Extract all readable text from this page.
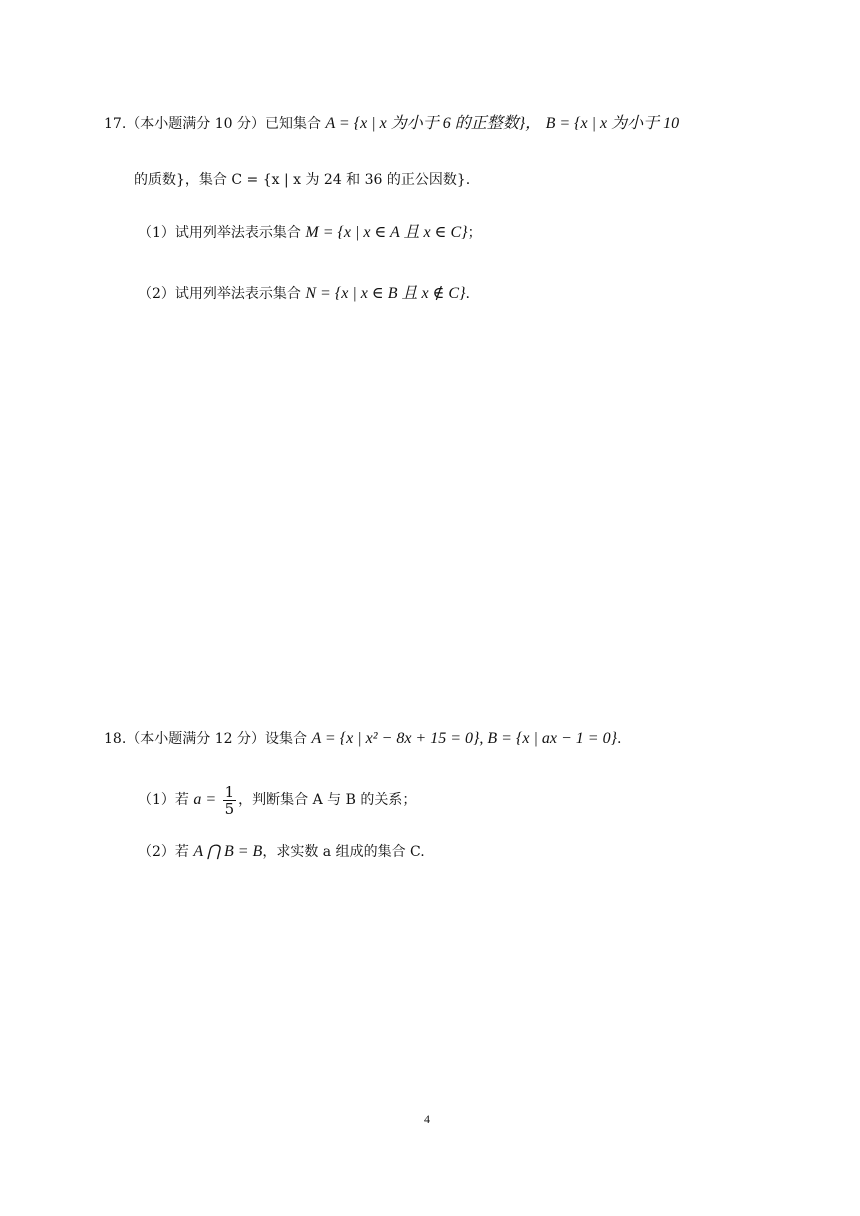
17.（本小题满分 10 分）已知集合 A = {x | x 为小于 6 的正整数}， B = {x | x 为小于 10
的质数}，集合 C = {x | x 为 24 和 36 的正公因数}.
（1）试用列举法表示集合 M = {x | x ∈ A 且 x ∈ C}；
（2）试用列举法表示集合 N = {x | x ∈ B 且 x ∉ C}.
18.（本小题满分 12 分）设集合 A = {x | x² − 8x + 15 = 0}, B = {x | ax − 1 = 0}.
（1）若 $a = \frac{1}{5}$ ，判断集合 A 与 B 的关系；
（2）若 A ⋂ B = B，求实数 a 组成的集合 C.
4
